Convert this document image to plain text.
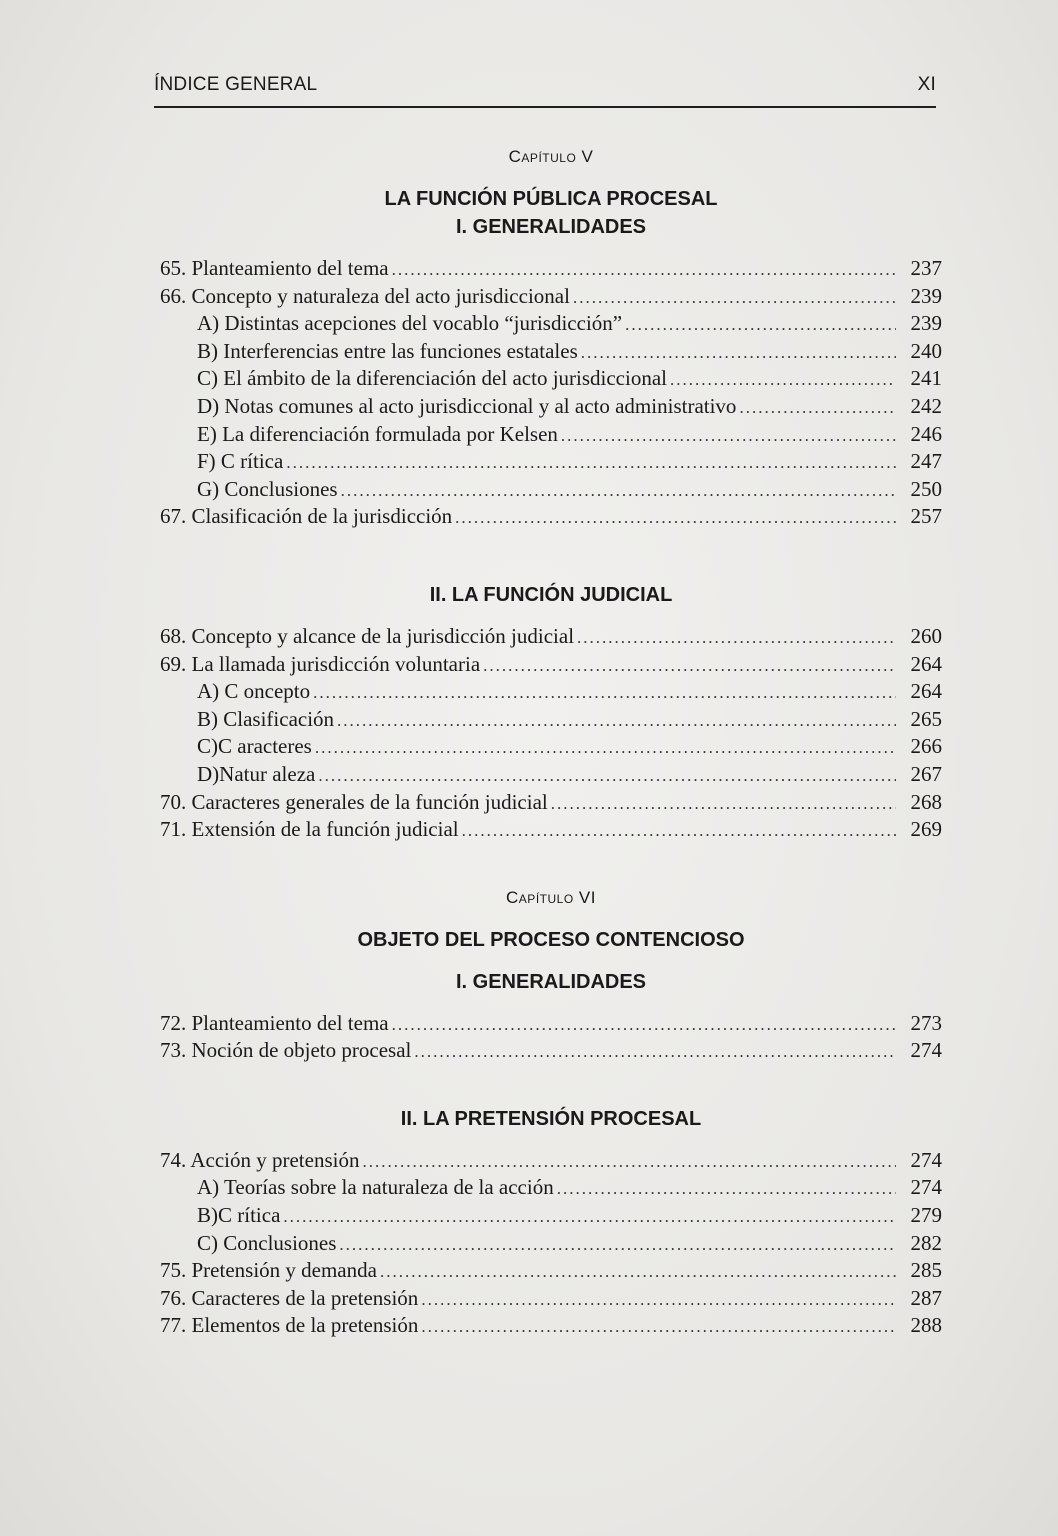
ÍNDICE GENERAL	XI
Capítulo V
LA FUNCIÓN PÚBLICA PROCESAL
I. GENERALIDADES
65. Planteamiento del tema .....	237
66. Concepto y naturaleza del acto jurisdiccional .....	239
A) Distintas acepciones del vocablo “jurisdicción” .....	239
B) Interferencias entre las funciones estatales .....	240
C) El ámbito de la diferenciación del acto jurisdiccional .....	241
D) Notas comunes al acto jurisdiccional y al acto administrativo .....	242
E) La diferenciación formulada por Kelsen .....	246
F) C rítica .....	247
G) Conclusiones .....	250
67. Clasificación de la jurisdicción .....	257
II. LA FUNCIÓN JUDICIAL
68. Concepto y alcance de la jurisdicción judicial .....	260
69. La llamada jurisdicción voluntaria .....	264
A) C oncepto .....	264
B) Clasificación .....	265
C)C aracteres .....	266
D)Natur aleza .....	267
70. Caracteres generales de la función judicial .....	268
71. Extensión de la función judicial .....	269
Capítulo VI
OBJETO DEL PROCESO CONTENCIOSO
I. GENERALIDADES
72. Planteamiento del tema .....	273
73. Noción de objeto procesal .....	274
II. LA PRETENSIÓN PROCESAL
74. Acción y pretensión .....	274
A) Teorías sobre la naturaleza de la acción .....	274
B)C rítica .....	279
C) Conclusiones .....	282
75. Pretensión y demanda .....	285
76. Caracteres de la pretensión .....	287
77. Elementos de la pretensión .....	288
